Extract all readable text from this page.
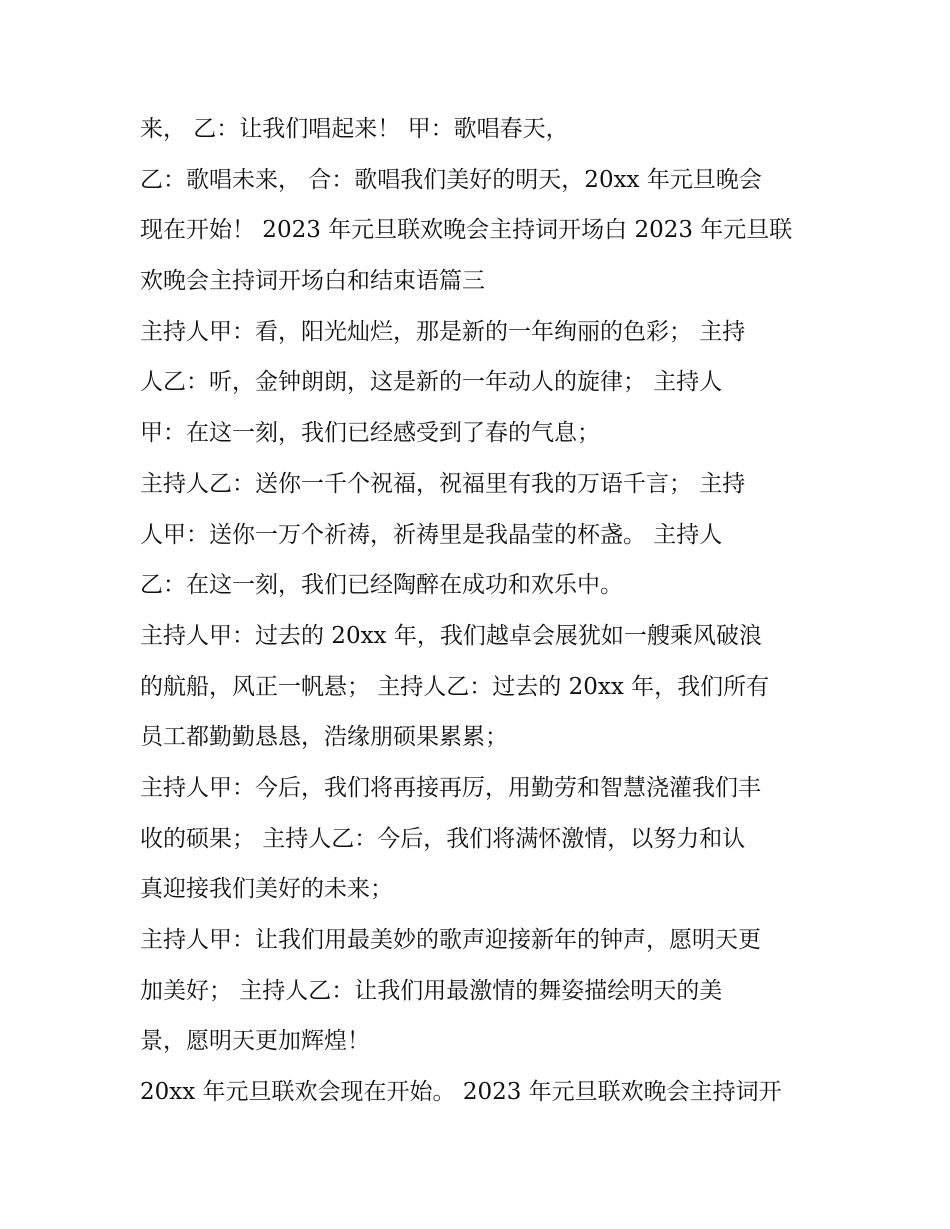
来， 乙：让我们唱起来！ 甲：歌唱春天，
乙：歌唱未来， 合：歌唱我们美好的明天，20xx 年元旦晚会
现在开始！ 2023 年元旦联欢晚会主持词开场白 2023 年元旦联
欢晚会主持词开场白和结束语篇三
主持人甲：看，阳光灿烂，那是新的一年绚丽的色彩； 主持
人乙：听，金钟朗朗，这是新的一年动人的旋律； 主持人
甲：在这一刻，我们已经感受到了春的气息；
主持人乙：送你一千个祝福，祝福里有我的万语千言； 主持
人甲：送你一万个祈祷，祈祷里是我晶莹的杯盏。 主持人
乙：在这一刻，我们已经陶醉在成功和欢乐中。
主持人甲：过去的 20xx 年，我们越卓会展犹如一艘乘风破浪
的航船，风正一帆悬； 主持人乙：过去的 20xx 年，我们所有
员工都勤勤恳恳，浩缘朋硕果累累；
主持人甲：今后，我们将再接再厉，用勤劳和智慧浇灌我们丰
收的硕果； 主持人乙：今后，我们将满怀激情，以努力和认
真迎接我们美好的未来；
主持人甲：让我们用最美妙的歌声迎接新年的钟声，愿明天更
加美好； 主持人乙：让我们用最激情的舞姿描绘明天的美
景，愿明天更加辉煌！
20xx 年元旦联欢会现在开始。 2023 年元旦联欢晚会主持词开
